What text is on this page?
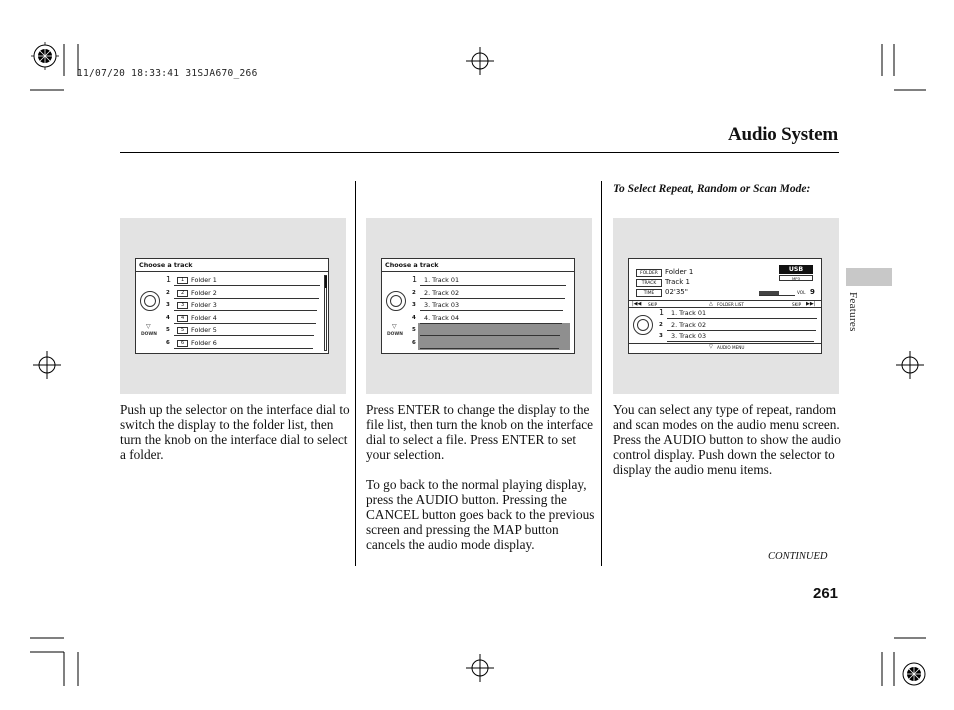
11/07/20 18:33:41 31SJA670_266
Audio System
Features
To Select Repeat, Random or Scan Mode:
Choose a track
▽
DOWN
1 1 Folder 1
2 2 Folder 2
3 3 Folder 3
4 4 Folder 4
5 5 Folder 5
6 6 Folder 6
Choose a track
▽
DOWN
1 1. Track 01
2 2. Track 02
3 3. Track 03
4 4. Track 04
5
6
FOLDER	Folder 1
TRACK	Track 1
TIME	02'35"
USB
MP3
VOL 9
|◀◀ SKIP	△ FOLDER LIST	SKIP ▶▶|
1 1. Track 01
2 2. Track 02
3 3. Track 03
▽ AUDIO MENU

Push up the selector on the interface dial to switch the display to the folder list, then turn the knob on the interface dial to select a folder.

Press ENTER to change the display to the file list, then turn the knob on the interface dial to select a file. Press ENTER to set your selection.

To go back to the normal playing display, press the AUDIO button. Pressing the CANCEL button goes back to the previous screen and pressing the MAP button cancels the audio mode display.

You can select any type of repeat, random and scan modes on the audio menu screen. Press the AUDIO button to show the audio control display. Push down the selector to display the audio menu items.

CONTINUED
261
